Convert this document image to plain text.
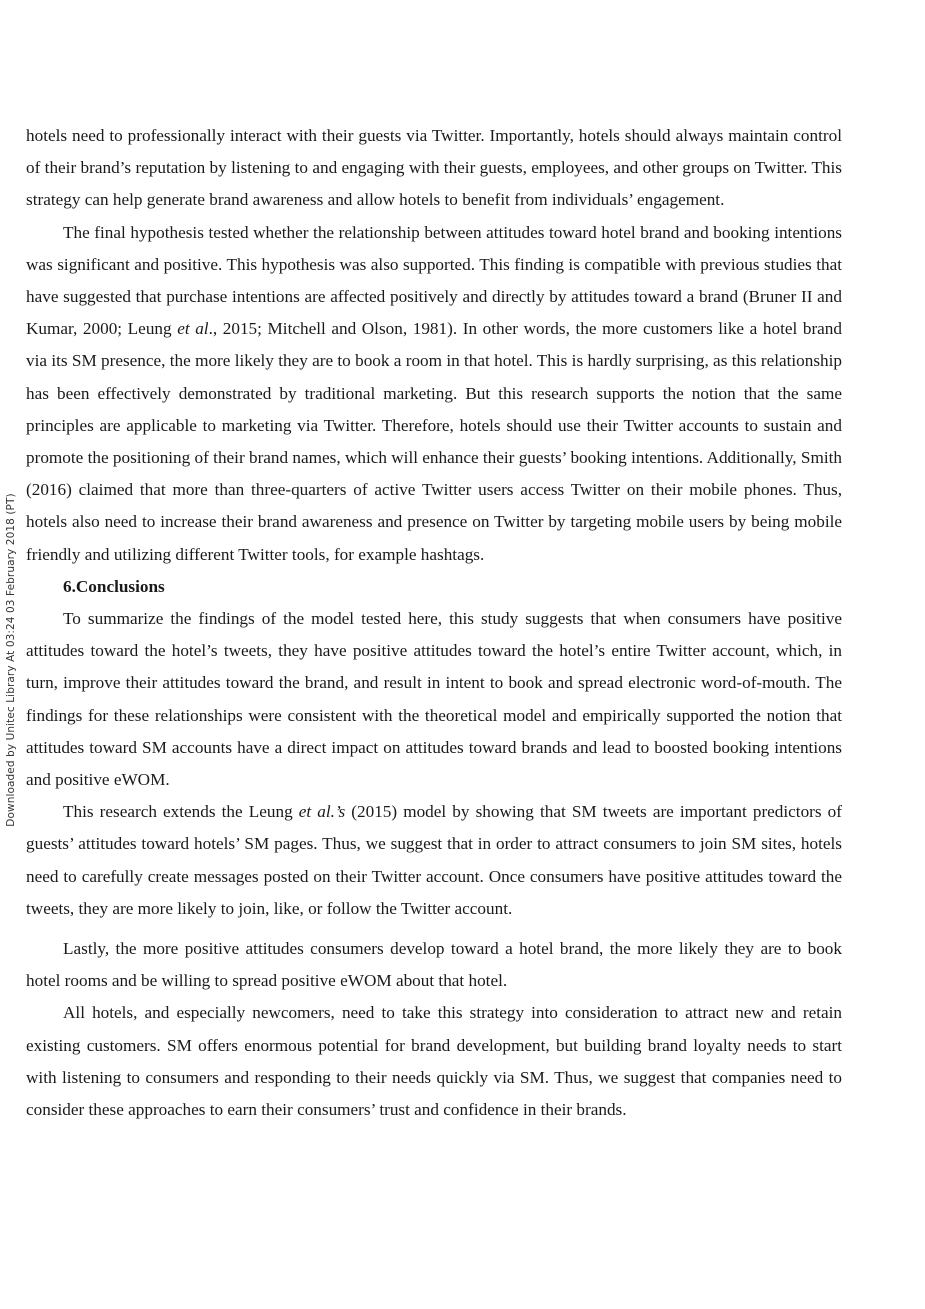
Downloaded by Unitec Library At 03:24 03 February 2018 (PT)

hotels need to professionally interact with their guests via Twitter. Importantly, hotels should always maintain control of their brand’s reputation by listening to and engaging with their guests, employees, and other groups on Twitter. This strategy can help generate brand awareness and allow hotels to benefit from individuals’ engagement.

The final hypothesis tested whether the relationship between attitudes toward hotel brand and booking intentions was significant and positive. This hypothesis was also supported. This finding is compatible with previous studies that have suggested that purchase intentions are affected positively and directly by attitudes toward a brand (Bruner II and Kumar, 2000; Leung et al., 2015; Mitchell and Olson, 1981). In other words, the more customers like a hotel brand via its SM presence, the more likely they are to book a room in that hotel. This is hardly surprising, as this relationship has been effectively demonstrated by traditional marketing. But this research supports the notion that the same principles are applicable to marketing via Twitter. Therefore, hotels should use their Twitter accounts to sustain and promote the positioning of their brand names, which will enhance their guests’ booking intentions. Additionally, Smith (2016) claimed that more than three-quarters of active Twitter users access Twitter on their mobile phones. Thus, hotels also need to increase their brand awareness and presence on Twitter by targeting mobile users by being mobile friendly and utilizing different Twitter tools, for example hashtags.

6.Conclusions

To summarize the findings of the model tested here, this study suggests that when consumers have positive attitudes toward the hotel’s tweets, they have positive attitudes toward the hotel’s entire Twitter account, which, in turn, improve their attitudes toward the brand, and result in intent to book and spread electronic word-of-mouth. The findings for these relationships were consistent with the theoretical model and empirically supported the notion that attitudes toward SM accounts have a direct impact on attitudes toward brands and lead to boosted booking intentions and positive eWOM.

This research extends the Leung et al.’s (2015) model by showing that SM tweets are important predictors of guests’ attitudes toward hotels’ SM pages. Thus, we suggest that in order to attract consumers to join SM sites, hotels need to carefully create messages posted on their Twitter account. Once consumers have positive attitudes toward the tweets, they are more likely to join, like, or follow the Twitter account.

Lastly, the more positive attitudes consumers develop toward a hotel brand, the more likely they are to book hotel rooms and be willing to spread positive eWOM about that hotel.

All hotels, and especially newcomers, need to take this strategy into consideration to attract new and retain existing customers. SM offers enormous potential for brand development, but building brand loyalty needs to start with listening to consumers and responding to their needs quickly via SM. Thus, we suggest that companies need to consider these approaches to earn their consumers’ trust and confidence in their brands.
